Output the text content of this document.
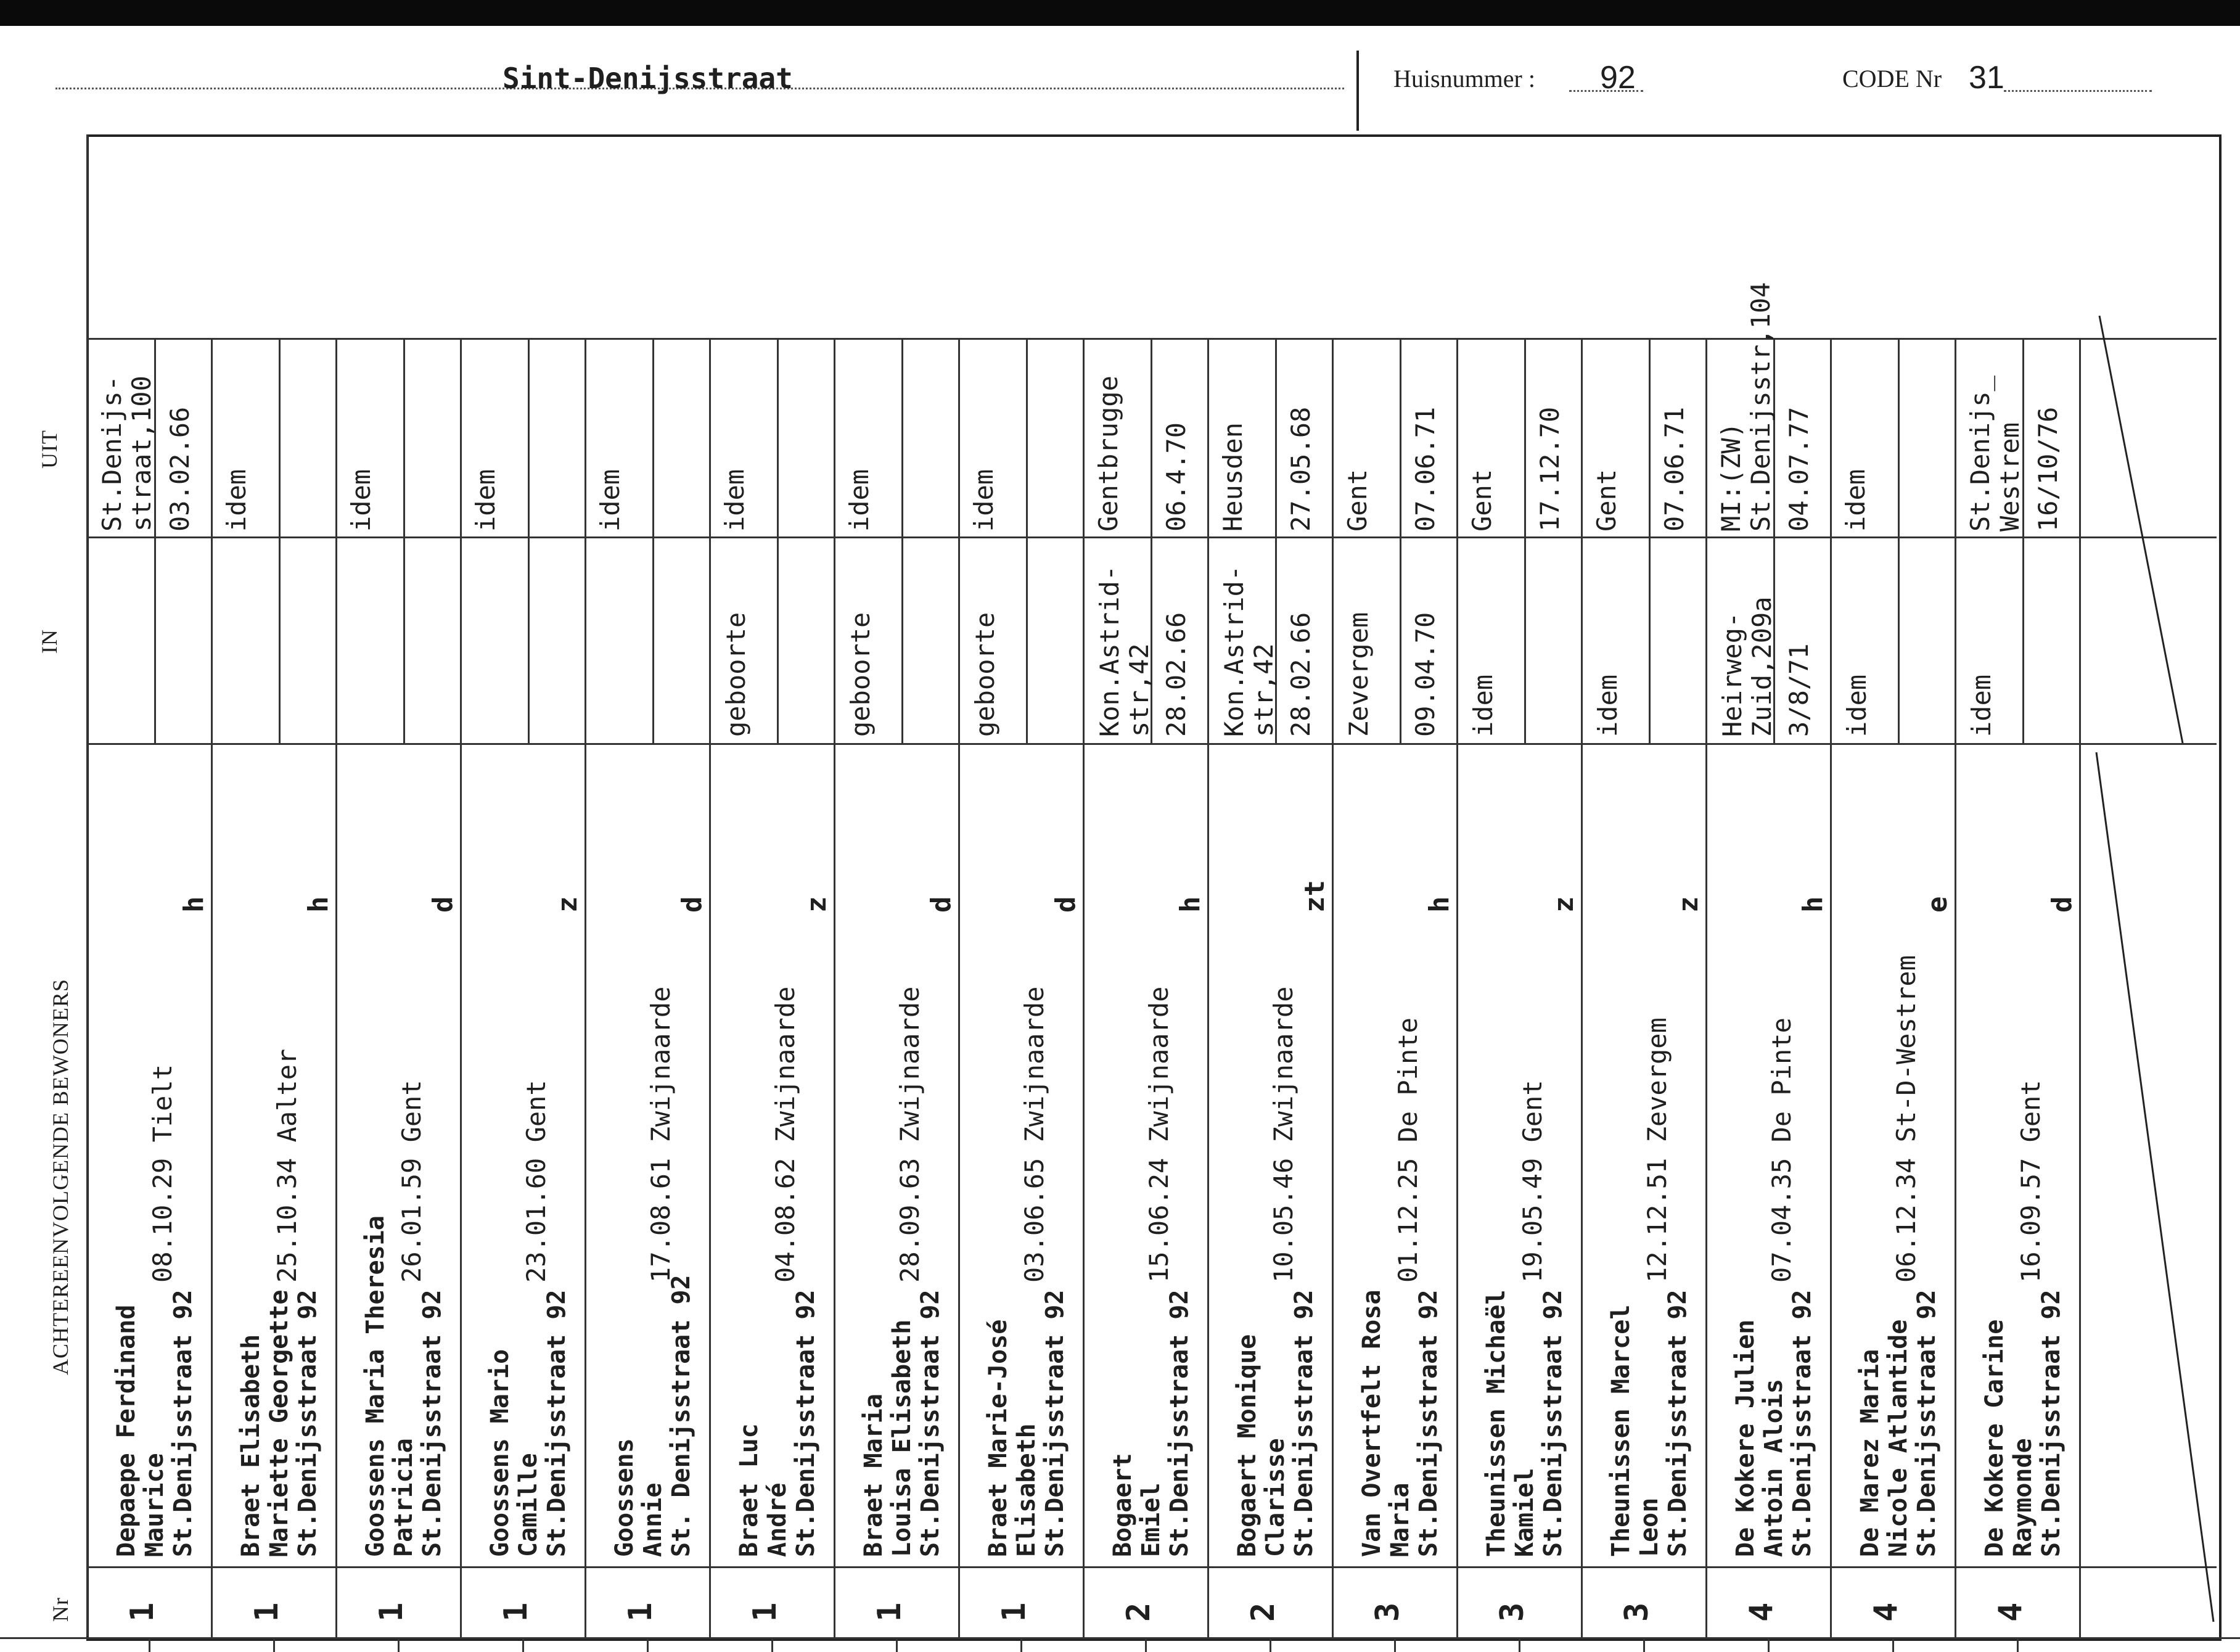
Sint-Denijsstraat	Huisnummer : 92	CODE Nr 31
UIT
IN
ACHTEREENVOLGENDE BEWONERS
Nr 1
Depaepe Ferdinand
Maurice
St.Denijsstraat 92
08.10.29 Tielt
h
St.Denijs-
straat,100 03.02.66
1
Braet Elisabeth
Mariette Georgette
St.Denijsstraat 92
25.10.34 Aalter
h
idem
1
Goossens Maria Theresia
Patricia
St.Denijsstraat 92
26.01.59 Gent
d
idem
1
Goossens Mario
Camille
St.Denijsstraat 92
23.01.60 Gent
z
idem
1
Goossens
Annie
St. Denijsstraat 92
17.08.61 Zwijnaarde
d
idem
1
Braet Luc
André
St.Denijsstraat 92
04.08.62 Zwijnaarde
z
geboorte
idem
1
Braet Maria
Louisa Elisabeth
St.Denijsstraat 92
28.09.63 Zwijnaarde
d
geboorte
idem
1
Braet Marie-José
Elisabeth
St.Denijsstraat 92
03.06.65 Zwijnaarde
d
geboorte
idem
2
Bogaert
Emiel
St.Denijsstraat 92
15.06.24 Zwijnaarde
h
Kon.Astrid-
str,42 28.02.66
Gentbrugge 06.4.70
2
Bogaert Monique
Clarisse
St.Denijsstraat 92
10.05.46 Zwijnaarde
zt
Kon.Astrid-
str,42 28.02.66
Heusden 27.05.68
3
Van Overtfelt Rosa
Maria
St.Denijsstraat 92
01.12.25 De Pinte
h
Zevergem 09.04.70
Gent 07.06.71
3
Theunissen Michaël
Kamiel
St.Denijsstraat 92
19.05.49 Gent
z
idem
Gent 17.12.70
3
Theunissen Marcel
Leon
St.Denijsstraat 92
12.12.51 Zevergem
z
idem
Gent 07.06.71
4
De Kokere Julien
Antoin Alois
St.Denijsstraat 92
07.04.35 De Pinte
h
Heirweg-
Zuid,209a 3/8/71
MI:(ZW)
St.Denijsstr,104 04.07.77
4
De Marez Maria
Nicole Atlantide
St.Denijsstraat 92
06.12.34 St-D-Westrem
e
idem
idem
4
De Kokere Carine
Raymonde
St.Denijsstraat 92
16.09.57 Gent
d
idem
St.Denijs_
Westrem 16/10/76
